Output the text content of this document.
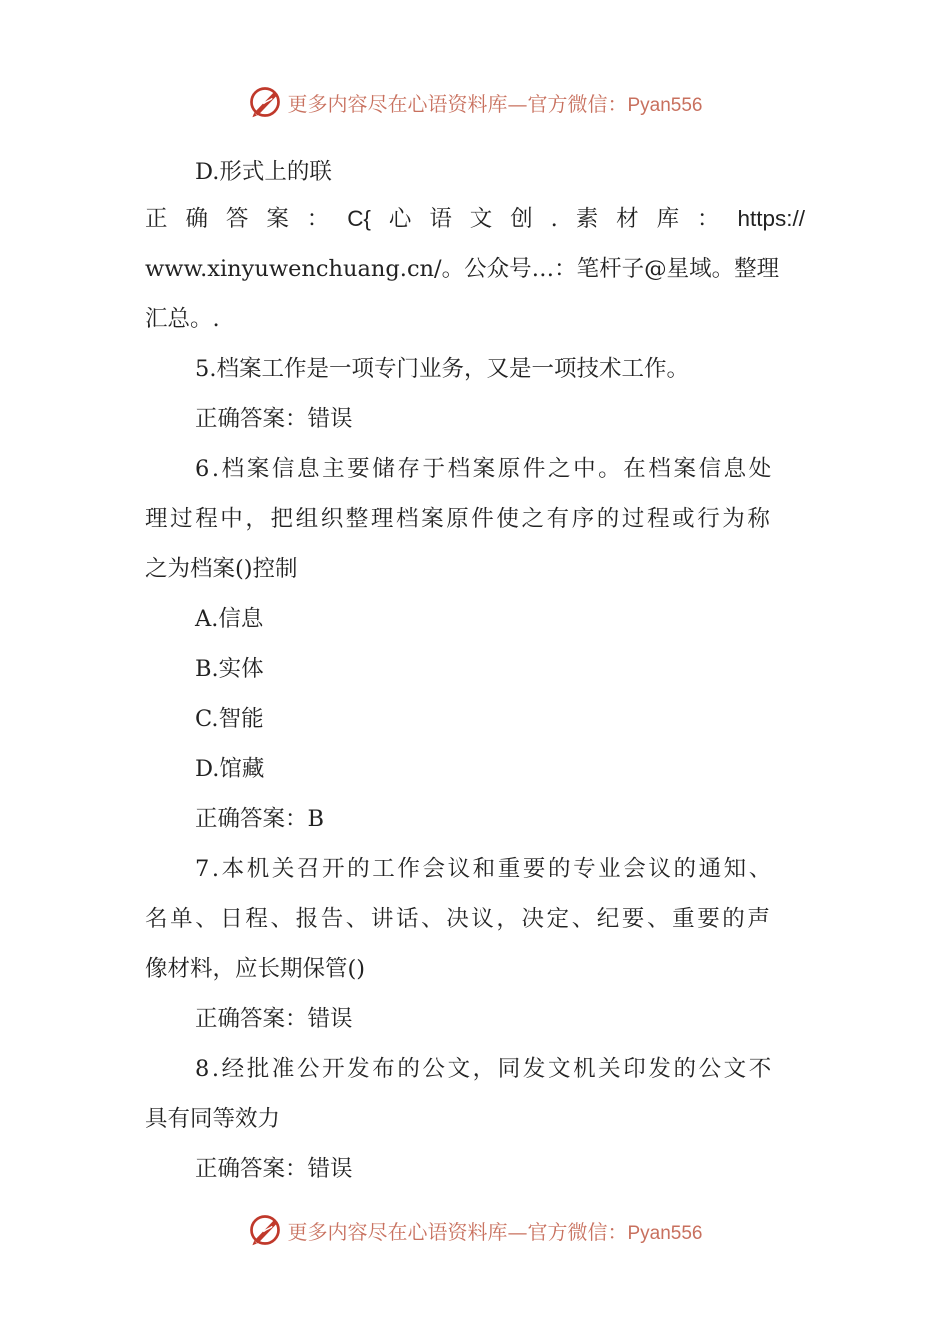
更多内容尽在心语资料库—官方微信：Pyan556
D.形式上的联
正 确 答 案 ： C{ 心 语 文 创 . 素 材 库 ： https://
www.xinyuwenchuang.cn/。公众号…：笔杆子@星域。整理
汇总。.
5.档案工作是一项专门业务，又是一项技术工作。
正确答案：错误
6.档案信息主要储存于档案原件之中。在档案信息处
理过程中，把组织整理档案原件使之有序的过程或行为称
之为档案()控制
A.信息
B.实体
C.智能
D.馆藏
正确答案：B
7.本机关召开的工作会议和重要的专业会议的通知、
名单、日程、报告、讲话、决议，决定、纪要、重要的声
像材料，应长期保管()
正确答案：错误
8.经批准公开发布的公文，同发文机关印发的公文不
具有同等效力
正确答案：错误
更多内容尽在心语资料库—官方微信：Pyan556
